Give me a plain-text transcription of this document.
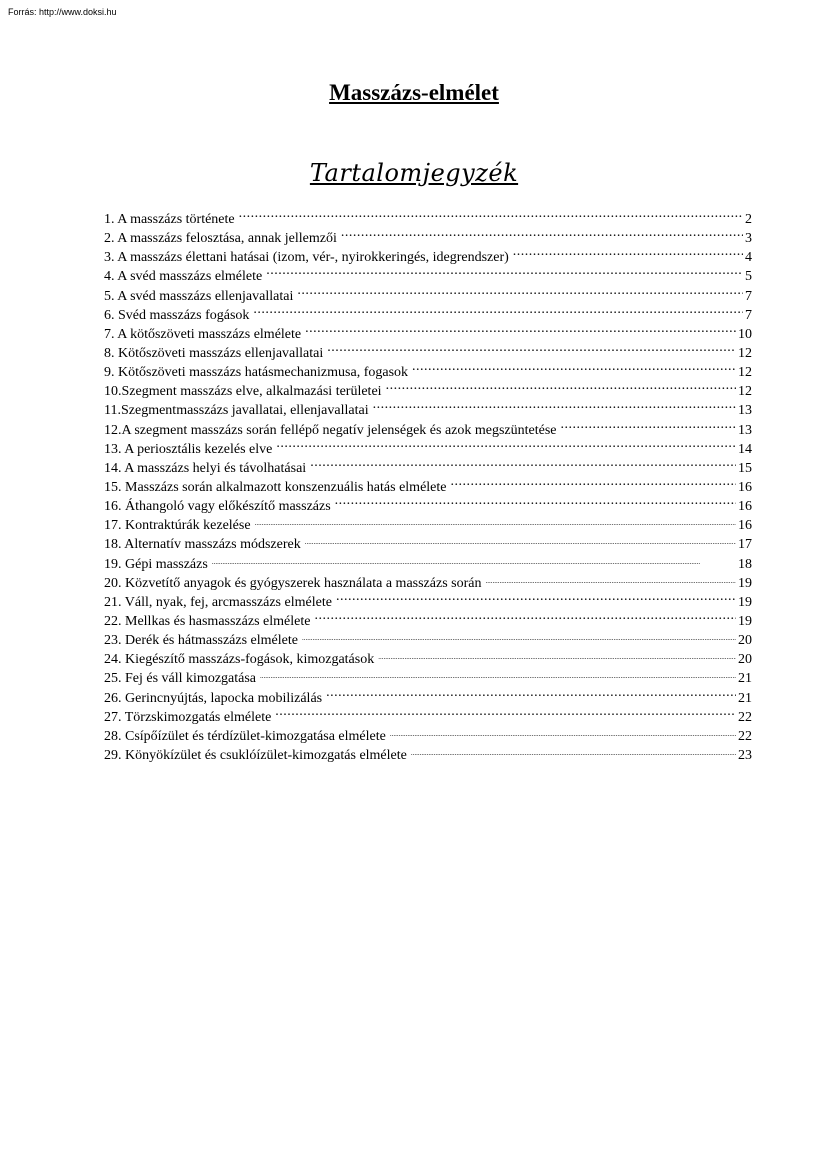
Forrás: http://www.doksi.hu
Masszázs-elmélet
Tartalomjegyzék
1. A masszázs története .....	2
2. A masszázs felosztása, annak jellemzői .....	3
3. A masszázs élettani hatásai (izom, vér-, nyirokkeringés, idegrendszer) .....	4
4. A svéd masszázs elmélete .....	5
5. A svéd masszázs ellenjavallatai .....	7
6. Svéd masszázs fogások .....	7
7. A kötőszöveti masszázs elmélete .....	10
8. Kötőszöveti masszázs ellenjavallatai .....	12
9. Kötőszöveti masszázs hatásmechanizmusa, fogasok .....	12
10.Szegment masszázs elve, alkalmazási területei .....	12
11.Szegmentmasszázs javallatai, ellenjavallatai .....	13
12.A szegment masszázs során fellépő negatív jelenségek és azok megszüntetése .....	13
13. A periosztális kezelés elve .....	14
14. A masszázs helyi és távolhatásai .....	15
15. Masszázs során alkalmazott konszenzuális hatás elmélete .....	16
16. Áthangoló vagy előkészítő masszázs .....	16
17. Kontraktúrák kezelése .....	16
18. Alternatív masszázs módszerek .....	17
19. Gépi masszázs .....	18
20. Közvetítő anyagok és gyógyszerek használata a masszázs során .....	19
21. Váll, nyak, fej, arcmasszázs elmélete .....	19
22. Mellkas és hasmasszázs elmélete .....	19
23. Derék és hátmasszázs elmélete .....	20
24. Kiegészítő masszázs-fogások, kimozgatások .....	20
25. Fej és váll kimozgatása .....	21
26. Gerincnyújtás, lapocka mobilizálás .....	21
27. Törzskimozgatás elmélete .....	22
28. Csípőízület és térdízület-kimozgatása elmélete .....	22
29. Könyökízület és csuklóízület-kimozgatás elmélete .....	23
